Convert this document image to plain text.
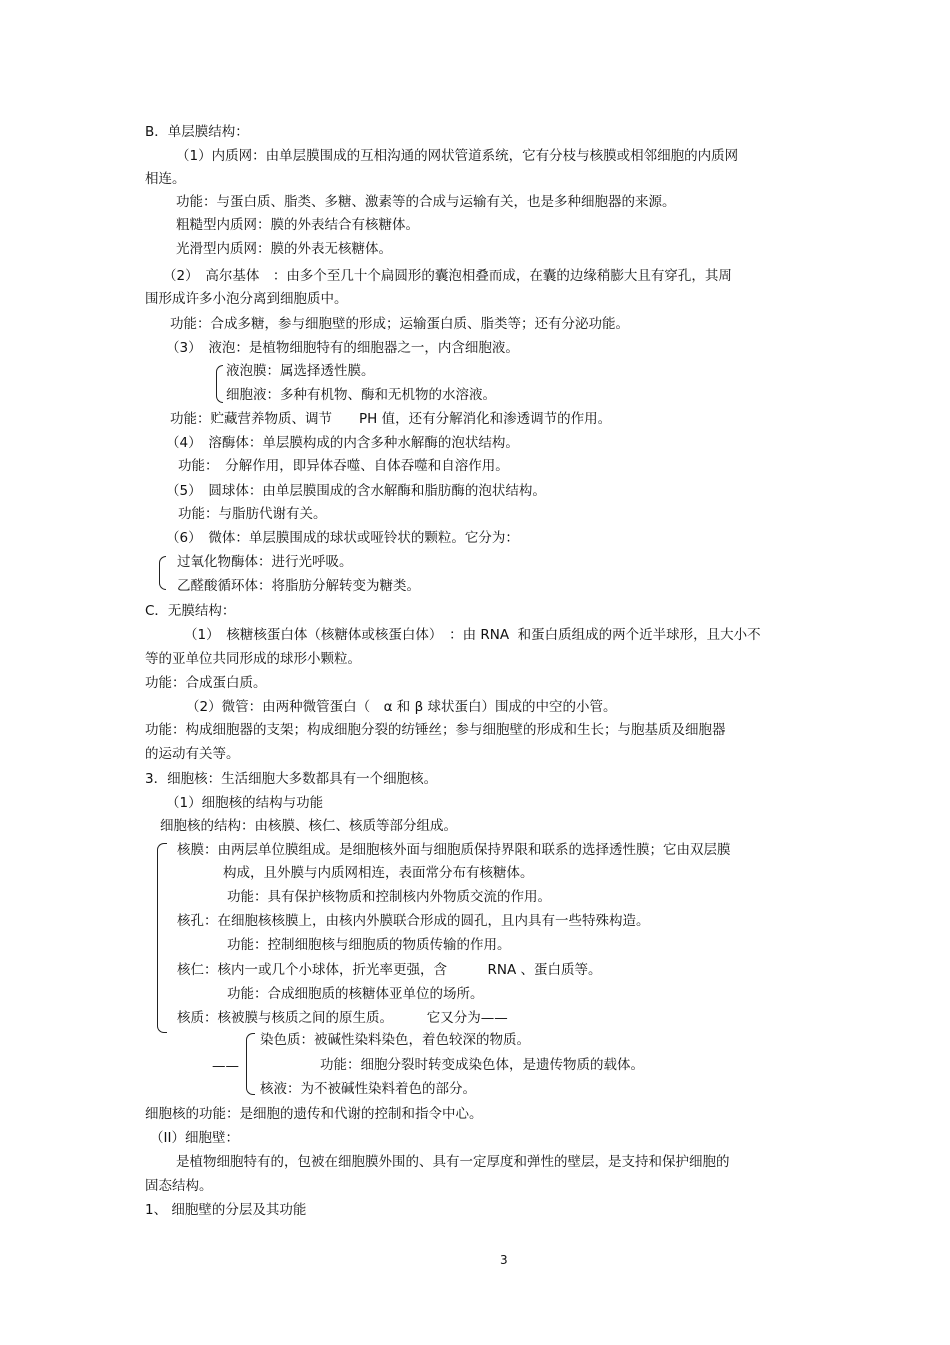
B．单层膜结构：
（1）内质网：由单层膜围成的互相沟通的网状管道系统，它有分枝与核膜或相邻细胞的内质网
相连。
功能：与蛋白质、脂类、多糖、激素等的合成与运输有关，也是多种细胞器的来源。
粗糙型内质网：膜的外表结合有核糖体。
光滑型内质网：膜的外表无核糖体。
（2）　高尔基体　：由多个至几十个扁圆形的囊泡相叠而成，在囊的边缘稍膨大且有穿孔，其周
围形成许多小泡分离到细胞质中。
功能：合成多糖，参与细胞壁的形成；运输蛋白质、脂类等；还有分泌功能。
（3）　液泡：是植物细胞特有的细胞器之一，内含细胞液。
液泡膜：属选择透性膜。
细胞液：多种有机物、酶和无机物的水溶液。
功能：贮藏营养物质、调节　　PH 值，还有分解消化和渗透调节的作用。
（4）　溶酶体：单层膜构成的内含多种水解酶的泡状结构。
功能：　分解作用，即异体吞噬、自体吞噬和自溶作用。
（5）　圆球体：由单层膜围成的含水解酶和脂肪酶的泡状结构。
功能：与脂肪代谢有关。
（6）　微体：单层膜围成的球状或哑铃状的颗粒。它分为：
过氧化物酶体：进行光呼吸。
乙醛酸循环体：将脂肪分解转变为糖类。
C．无膜结构：
（1）　核糖核蛋白体（核糖体或核蛋白体）　：由 RNA  和蛋白质组成的两个近半球形，且大小不
等的亚单位共同形成的球形小颗粒。
功能：合成蛋白质。
（2）微管：由两种微管蛋白（　α 和 β 球状蛋白）围成的中空的小管。
功能：构成细胞器的支架；构成细胞分裂的纺锤丝；参与细胞壁的形成和生长；与胞基质及细胞器
的运动有关等。
3．细胞核：生活细胞大多数都具有一个细胞核。
（1）细胞核的结构与功能
细胞核的结构：由核膜、核仁、核质等部分组成。
核膜：由两层单位膜组成。是细胞核外面与细胞质保持界限和联系的选择透性膜；它由双层膜
构成，且外膜与内质网相连，表面常分布有核糖体。
功能：具有保护核物质和控制核内外物质交流的作用。
核孔：在细胞核核膜上，由核内外膜联合形成的圆孔，且内具有一些特殊构造。
功能：控制细胞核与细胞质的物质传输的作用。
核仁：核内一或几个小球体，折光率更强，含　　　RNA 、蛋白质等。
功能：合成细胞质的核糖体亚单位的场所。
核质：核被膜与核质之间的原生质。　　　它又分为——
染色质：被碱性染料染色，着色较深的物质。
——	功能：细胞分裂时转变成染色体，是遗传物质的载体。
核液：为不被碱性染料着色的部分。
细胞核的功能：是细胞的遗传和代谢的控制和指令中心。
（II）细胞壁：
是植物细胞特有的，包被在细胞膜外围的、具有一定厚度和弹性的壁层，是支持和保护细胞的
固态结构。
1、 细胞壁的分层及其功能
3
